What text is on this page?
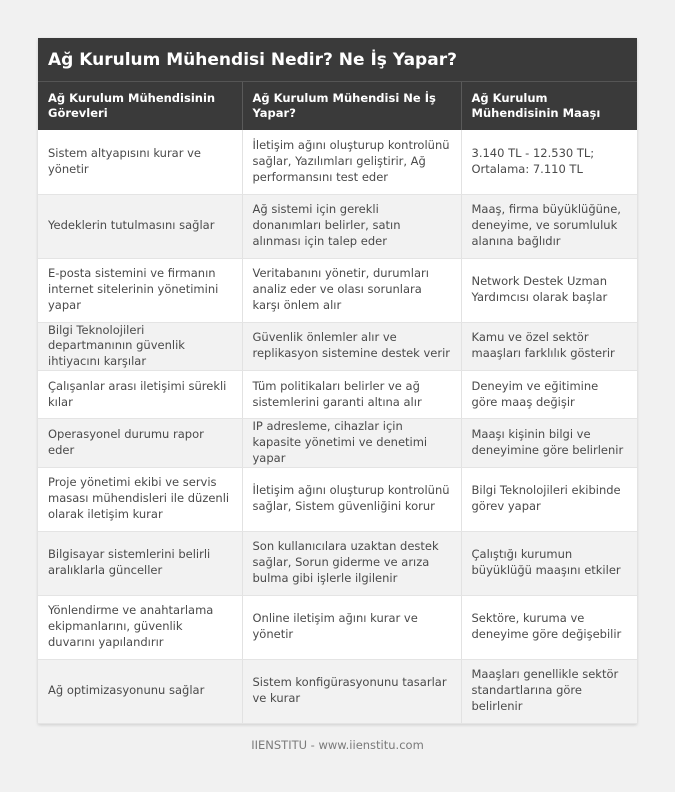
Ağ Kurulum Mühendisi Nedir? Ne İş Yapar?
Ağ Kurulum Mühendisinin Görevleri	Ağ Kurulum Mühendisi Ne İş Yapar?	Ağ Kurulum Mühendisinin Maaşı
Sistem altyapısını kurar ve yönetir	İletişim ağını oluşturup kontrolünü sağlar, Yazılımları geliştirir, Ağ performansını test eder	3.140 TL - 12.530 TL; Ortalama: 7.110 TL
Yedeklerin tutulmasını sağlar	Ağ sistemi için gerekli donanımları belirler, satın alınması için talep eder	Maaş, firma büyüklüğüne, deneyime, ve sorumluluk alanına bağlıdır
E-posta sistemini ve firmanın internet sitelerinin yönetimini yapar	Veritabanını yönetir, durumları analiz eder ve olası sorunlara karşı önlem alır	Network Destek Uzman Yardımcısı olarak başlar
Bilgi Teknolojileri departmanının güvenlik ihtiyacını karşılar	Güvenlik önlemler alır ve replikasyon sistemine destek verir	Kamu ve özel sektör maaşları farklılık gösterir
Çalışanlar arası iletişimi sürekli kılar	Tüm politikaları belirler ve ağ sistemlerini garanti altına alır	Deneyim ve eğitimine göre maaş değişir
Operasyonel durumu rapor eder	IP adresleme, cihazlar için kapasite yönetimi ve denetimi yapar	Maaşı kişinin bilgi ve deneyimine göre belirlenir
Proje yönetimi ekibi ve servis masası mühendisleri ile düzenli olarak iletişim kurar	İletişim ağını oluşturup kontrolünü sağlar, Sistem güvenliğini korur	Bilgi Teknolojileri ekibinde görev yapar
Bilgisayar sistemlerini belirli aralıklarla günceller	Son kullanıcılara uzaktan destek sağlar, Sorun giderme ve arıza bulma gibi işlerle ilgilenir	Çalıştığı kurumun büyüklüğü maaşını etkiler
Yönlendirme ve anahtarlama ekipmanlarını, güvenlik duvarını yapılandırır	Online iletişim ağını kurar ve yönetir	Sektöre, kuruma ve deneyime göre değişebilir
Ağ optimizasyonunu sağlar	Sistem konfigürasyonunu tasarlar ve kurar	Maaşları genellikle sektör standartlarına göre belirlenir
IIENSTITU - www.iienstitu.com
